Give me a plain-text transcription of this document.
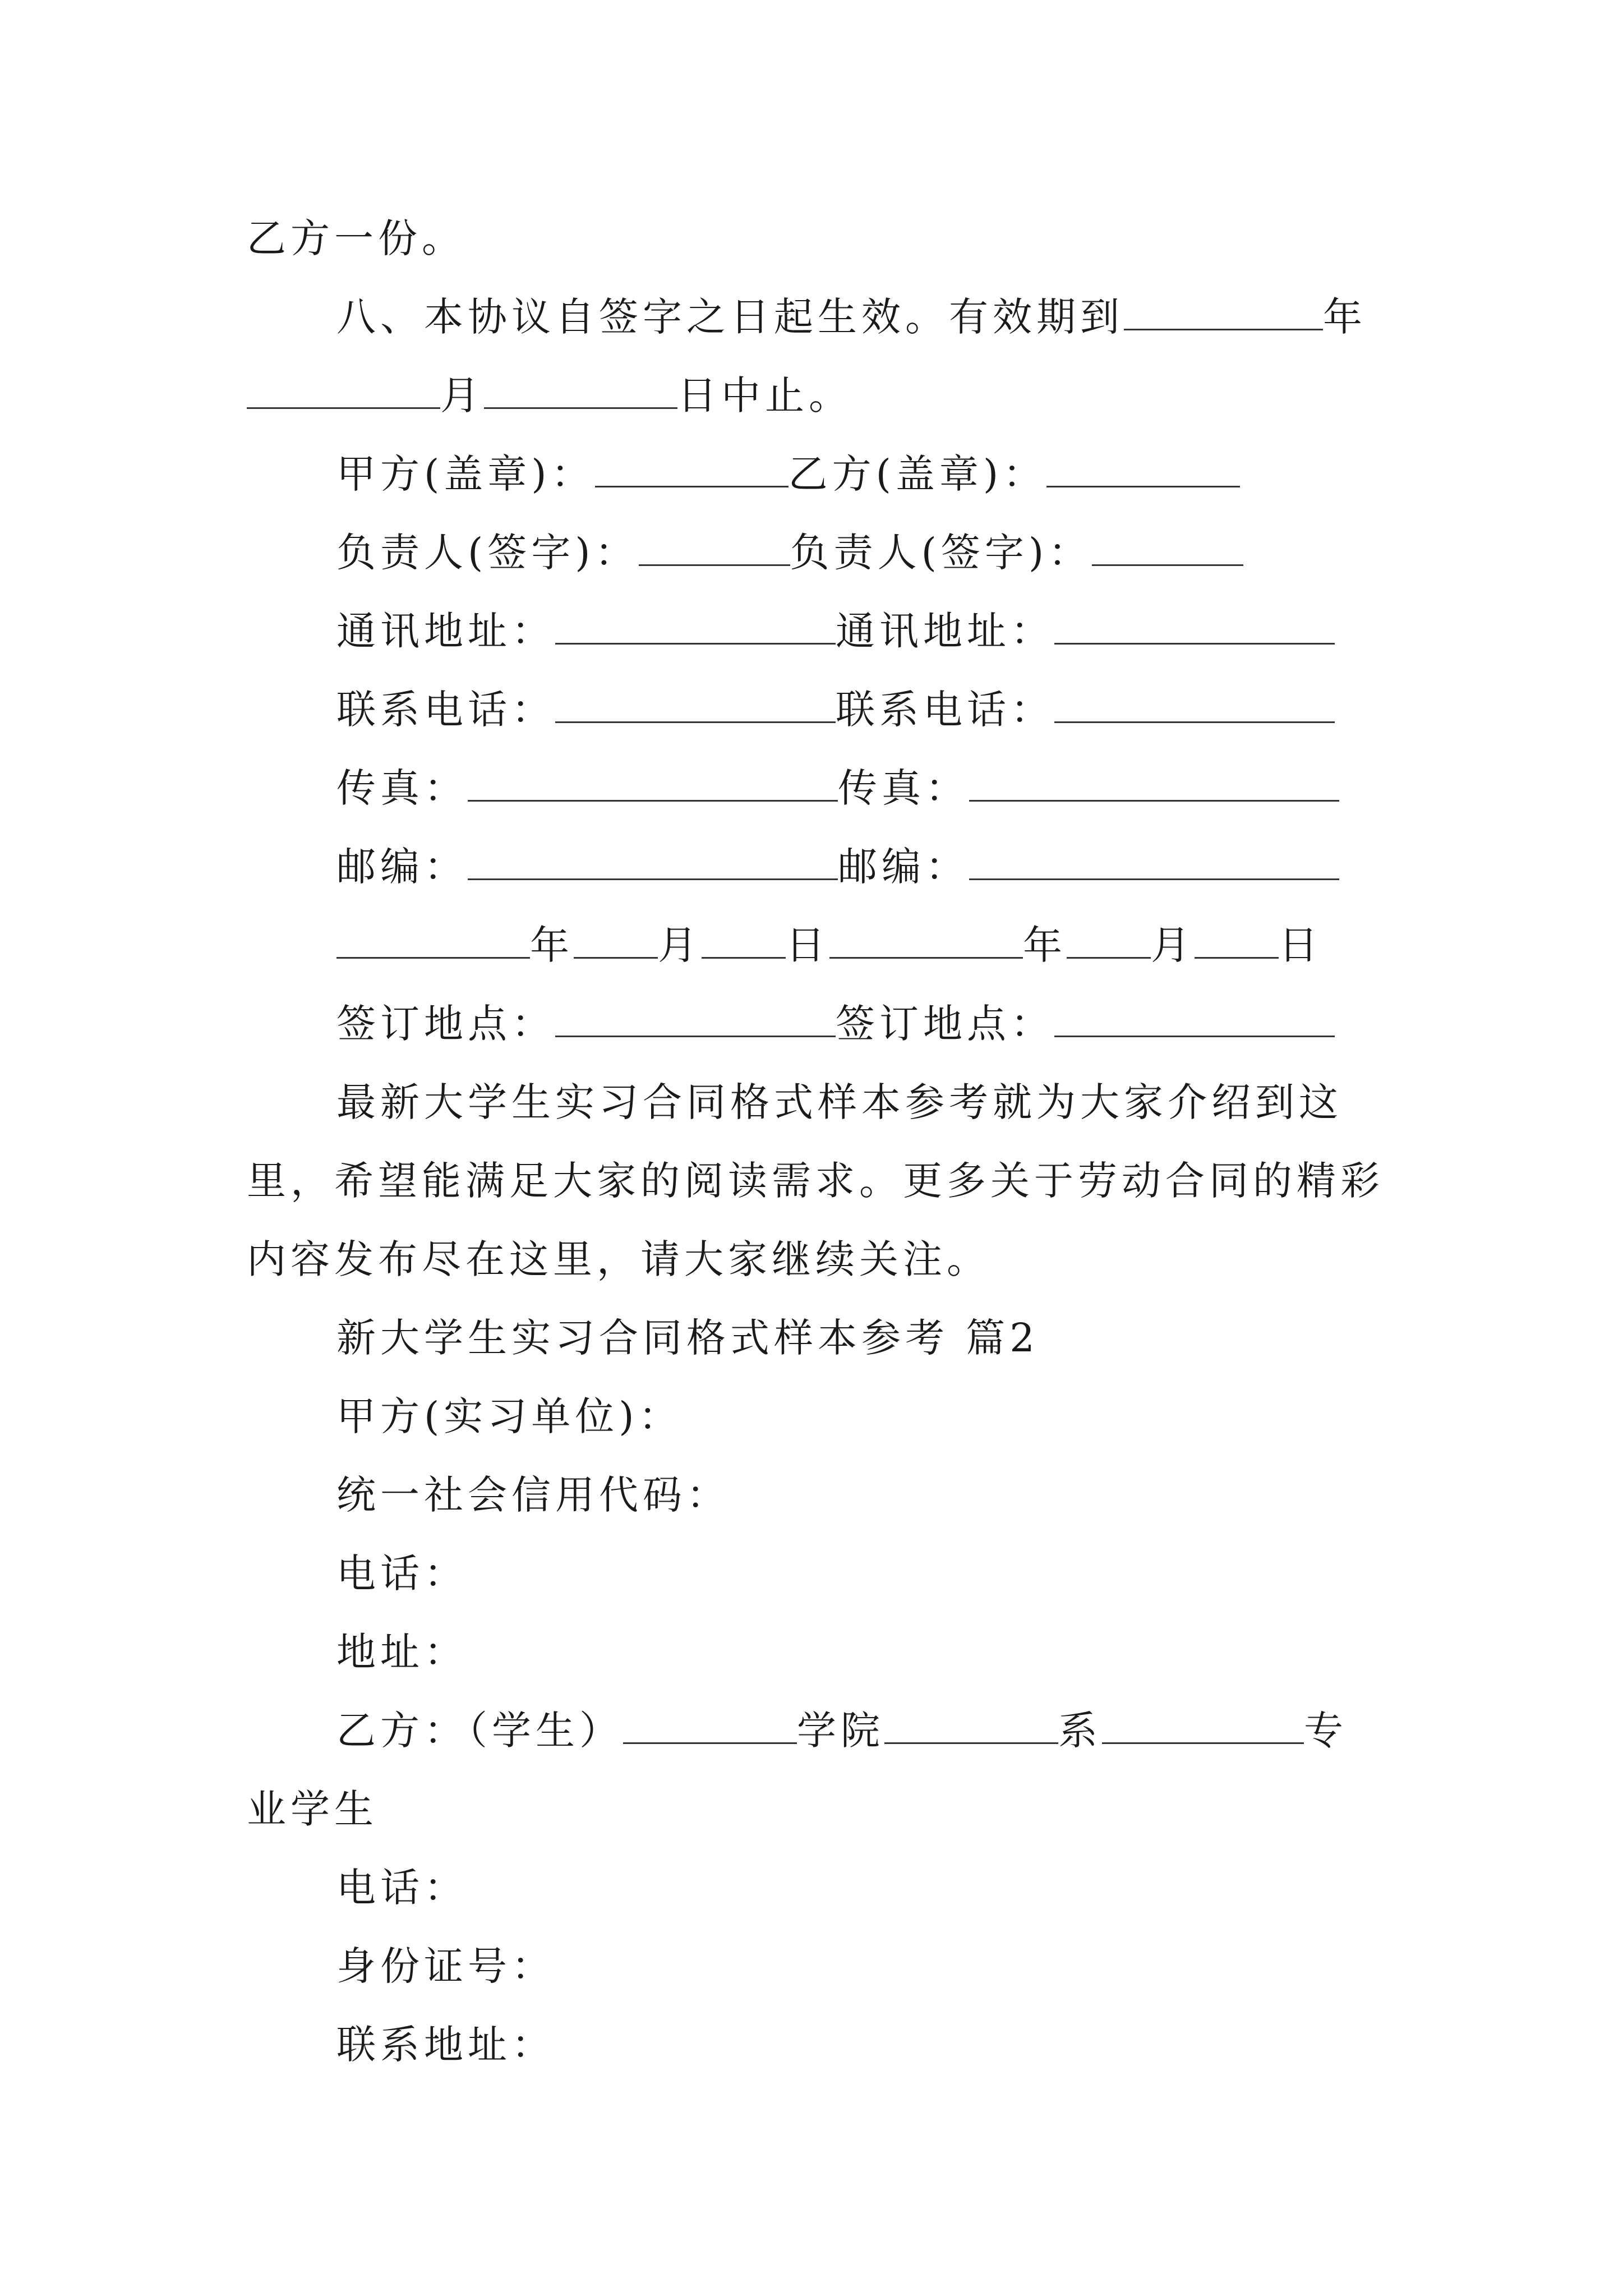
乙方一份。
八、本协议自签字之日起生效。有效期到	年
月	日中止。
甲方(盖章)：	乙方(盖章)：
负责人(签字)：	负责人(签字)：
通讯地址：	通讯地址：
联系电话：	联系电话：
传真：	传真：
邮编：	邮编：
年 月 日	年 月 日
签订地点：	签订地点：
最新大学生实习合同格式样本参考就为大家介绍到这
里，希望能满足大家的阅读需求。更多关于劳动合同的精彩
内容发布尽在这里，请大家继续关注。
新大学生实习合同格式样本参考 篇2
甲方(实习单位)：
统一社会信用代码：
电话：
地址：
乙方：（学生）	学院	系	专
业学生
电话：
身份证号：
联系地址：
